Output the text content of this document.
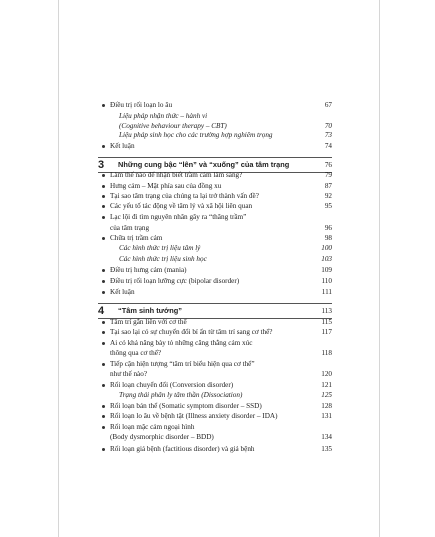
Điều trị rối loạn lo âu	67
Liệu pháp nhận thức – hành vi
(Cognitive behaviour therapy – CBT)	70
Liệu pháp sinh học cho các trường hợp nghiêm trọng	73
Kết luận	74
3 Những cung bậc “lên” và “xuống” của tâm trạng	76
Làm thế nào để nhận biết trầm cảm lâm sàng?	79
Hưng cảm – Mặt phía sau của đồng xu	87
Tại sao tâm trạng của chúng ta lại trở thành vấn đề?	92
Các yếu tố tác động về tâm lý và xã hội liên quan	95
Lạc lội đi tìm nguyên nhân gây ra “thăng trầm”
của tâm trạng	96
Chữa trị trầm cảm	98
Các hình thức trị liệu tâm lý	100
Các hình thức trị liệu sinh học	103
Điều trị hưng cảm (mania)	109
Điều trị rối loạn lưỡng cực (bipolar disorder)	110
Kết luận	111
4 “Tâm sinh tướng”	113
Tâm trí gắn liền với cơ thể	115
Tại sao lại có sự chuyển đổi bí ẩn từ tâm trí sang cơ thể?	117
Ai có khả năng bày tỏ những căng thẳng cảm xúc
thông qua cơ thể?	118
Tiếp cận hiện tượng “tâm trí biểu hiện qua cơ thể”
như thế nào?	120
Rối loạn chuyển đổi (Conversion disorder)	121
Trạng thái phân ly tâm thần (Dissociation)	125
Rối loạn bản thể (Somatic symptom disorder – SSD)	128
Rối loạn lo âu về bệnh tật (Illness anxiety disorder – IDA)	131
Rối loạn mặc cảm ngoại hình
(Body dysmorphic disorder – BDD)	134
Rối loạn giả bệnh (factitious disorder) và giả bệnh	135
